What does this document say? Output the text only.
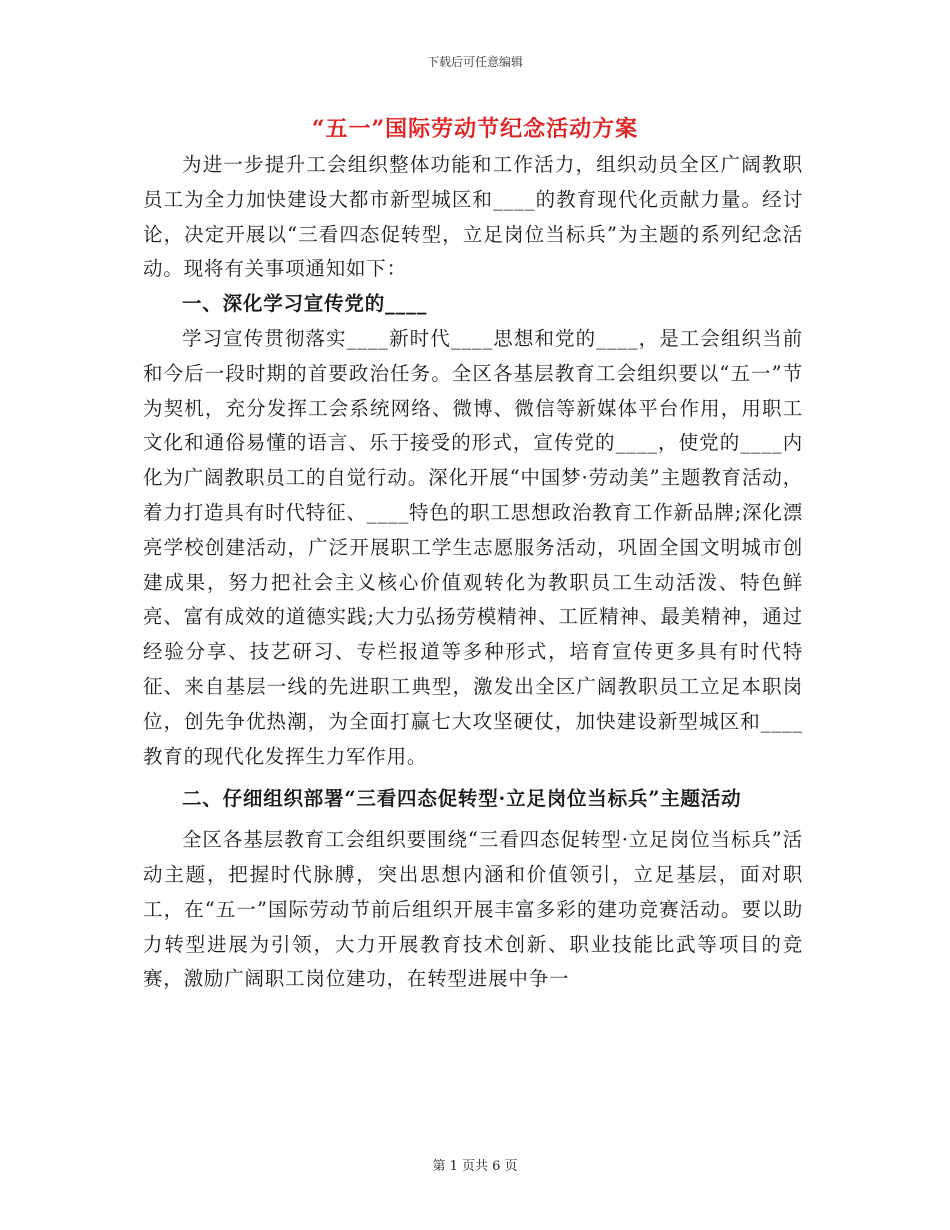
下载后可任意编辑
“五一”国际劳动节纪念活动方案

为进一步提升工会组织整体功能和工作活力，组织动员全区广阔教职员工为全力加快建设大都市新型城区和____的教育现代化贡献力量。经讨论，决定开展以“三看四态促转型，立足岗位当标兵”为主题的系列纪念活动。现将有关事项通知如下：

一、深化学习宣传党的____

学习宣传贯彻落实____新时代____思想和党的____，是工会组织当前和今后一段时期的首要政治任务。全区各基层教育工会组织要以“五一”节为契机，充分发挥工会系统网络、微博、微信等新媒体平台作用，用职工文化和通俗易懂的语言、乐于接受的形式，宣传党的____，使党的____内化为广阔教职员工的自觉行动。深化开展“中国梦·劳动美”主题教育活动，着力打造具有时代特征、____特色的职工思想政治教育工作新品牌;深化漂亮学校创建活动，广泛开展职工学生志愿服务活动，巩固全国文明城市创建成果，努力把社会主义核心价值观转化为教职员工生动活泼、特色鲜亮、富有成效的道德实践;大力弘扬劳模精神、工匠精神、最美精神，通过经验分享、技艺研习、专栏报道等多种形式，培育宣传更多具有时代特征、来自基层一线的先进职工典型，激发出全区广阔教职员工立足本职岗位，创先争优热潮，为全面打赢七大攻坚硬仗，加快建设新型城区和____教育的现代化发挥生力军作用。

二、仔细组织部署“三看四态促转型·立足岗位当标兵”主题活动

全区各基层教育工会组织要围绕“三看四态促转型·立足岗位当标兵”活动主题，把握时代脉膊，突出思想内涵和价值领引，立足基层，面对职工，在“五一”国际劳动节前后组织开展丰富多彩的建功竞赛活动。要以助力转型进展为引领，大力开展教育技术创新、职业技能比武等项目的竞赛，激励广阔职工岗位建功，在转型进展中争一

第 1 页共 6 页
